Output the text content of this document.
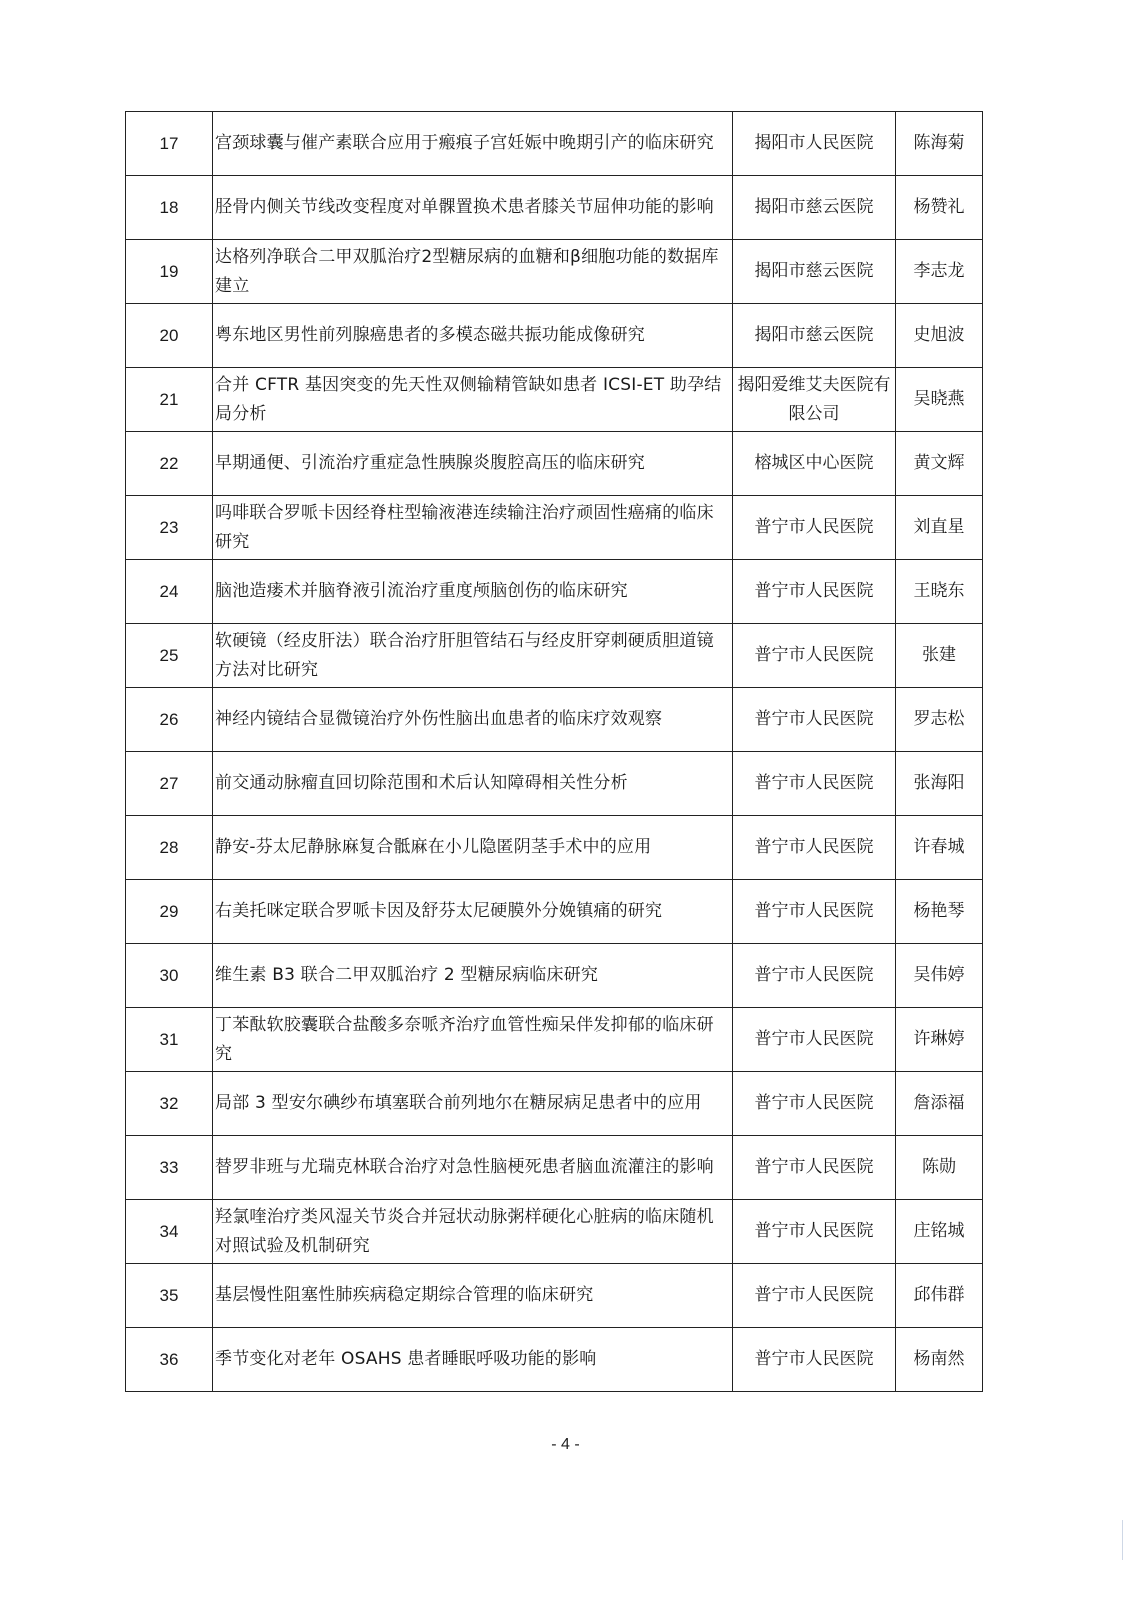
17	宫颈球囊与催产素联合应用于瘢痕子宫妊娠中晚期引产的临床研究	揭阳市人民医院	陈海菊
18	胫骨内侧关节线改变程度对单髁置换术患者膝关节屈伸功能的影响	揭阳市慈云医院	杨赞礼
19	达格列净联合二甲双胍治疗2型糖尿病的血糖和β细胞功能的数据库建立	揭阳市慈云医院	李志龙
20	粤东地区男性前列腺癌患者的多模态磁共振功能成像研究	揭阳市慈云医院	史旭波
21	合并 CFTR 基因突变的先天性双侧输精管缺如患者 ICSI-ET 助孕结局分析	揭阳爱维艾夫医院有限公司	吴晓燕
22	早期通便、引流治疗重症急性胰腺炎腹腔高压的临床研究	榕城区中心医院	黄文辉
23	吗啡联合罗哌卡因经脊柱型输液港连续输注治疗顽固性癌痛的临床研究	普宁市人民医院	刘直星
24	脑池造瘘术并脑脊液引流治疗重度颅脑创伤的临床研究	普宁市人民医院	王晓东
25	软硬镜（经皮肝法）联合治疗肝胆管结石与经皮肝穿刺硬质胆道镜方法对比研究	普宁市人民医院	张建
26	神经内镜结合显微镜治疗外伤性脑出血患者的临床疗效观察	普宁市人民医院	罗志松
27	前交通动脉瘤直回切除范围和术后认知障碍相关性分析	普宁市人民医院	张海阳
28	静安-芬太尼静脉麻复合骶麻在小儿隐匿阴茎手术中的应用	普宁市人民医院	许春城
29	右美托咪定联合罗哌卡因及舒芬太尼硬膜外分娩镇痛的研究	普宁市人民医院	杨艳琴
30	维生素 B3 联合二甲双胍治疗 2 型糖尿病临床研究	普宁市人民医院	吴伟婷
31	丁苯酞软胶囊联合盐酸多奈哌齐治疗血管性痴呆伴发抑郁的临床研究	普宁市人民医院	许琳婷
32	局部 3 型安尔碘纱布填塞联合前列地尔在糖尿病足患者中的应用	普宁市人民医院	詹添福
33	替罗非班与尤瑞克林联合治疗对急性脑梗死患者脑血流灌注的影响	普宁市人民医院	陈勋
34	羟氯喹治疗类风湿关节炎合并冠状动脉粥样硬化心脏病的临床随机对照试验及机制研究	普宁市人民医院	庄铭城
35	基层慢性阻塞性肺疾病稳定期综合管理的临床研究	普宁市人民医院	邱伟群
36	季节变化对老年 OSAHS 患者睡眠呼吸功能的影响	普宁市人民医院	杨南然
- 4 -
